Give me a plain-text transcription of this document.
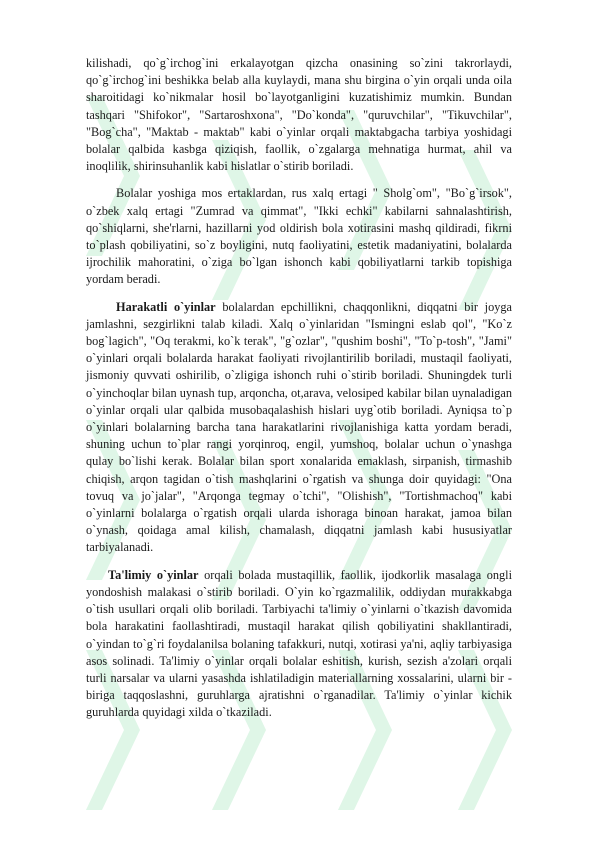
kilishadi, qo`g`irchog`ini erkalayotgan qizcha onasining so`zini takrorlaydi, qo`g`irchog`ini beshikka belab alla kuylaydi, mana shu birgina o`yin orqali unda oila sharoitidagi ko`nikmalar hosil bo`layotganligini kuzatishimiz mumkin. Bundan tashqari "Shifokor", "Sartaroshxona", "Do`konda", "quruvchilar", "Tikuvchilar", "Bog`cha", "Maktab - maktab" kabi o`yinlar orqali maktabgacha tarbiya yoshidagi bolalar qalbida kasbga qiziqish, faollik, o`zgalarga mehnatiga hurmat, ahil va inoqlilik, shirinsuhanlik kabi hislatlar o`stirib boriladi.

Bolalar yoshiga mos ertaklardan, rus xalq ertagi " Sholg`om", "Bo`g`irsok", o`zbek xalq ertagi "Zumrad va qimmat", "Ikki echki" kabilarni sahnalashtirish, qo`shiqlarni, she'rlarni, hazillarni yod oldirish bola xotirasini mashq qildiradi, fikrni to`plash qobiliyatini, so`z boyligini, nutq faoliyatini, estetik madaniyatini, bolalarda ijrochilik mahoratini, o`ziga bo`lgan ishonch kabi qobiliyatlarni tarkib topishiga yordam beradi.

Harakatli o`yinlar bolalardan epchillikni, chaqqonlikni, diqqatni bir joyga jamlashni, sezgirlikni talab kiladi. Xalq o`yinlaridan "Ismingni eslab qol", "Ko`z bog`lagich", "Oq terakmi, ko`k terak", "g`ozlar", "qushim boshi", "To`p-tosh", "Jami" o`yinlari orqali bolalarda harakat faoliyati rivojlantirilib boriladi, mustaqil faoliyati, jismoniy quvvati oshirilib, o`zligiga ishonch ruhi o`stirib boriladi. Shuningdek turli o`yinchoqlar bilan uynash tup, arqoncha, ot,arava, velosiped kabilar bilan uynaladigan o`yinlar orqali ular qalbida musobaqalashish hislari uyg`otib boriladi. Ayniqsa to`p o`yinlari bolalarning barcha tana harakatlarini rivojlanishiga katta yordam beradi, shuning uchun to`plar rangi yorqinroq, engil, yumshoq, bolalar uchun o`ynashga qulay bo`lishi kerak. Bolalar bilan sport xonalarida emaklash, sirpanish, tirmashib chiqish, arqon tagidan o`tish mashqlarini o`rgatish va shunga doir quyidagi: "Ona tovuq va jo`jalar", "Arqonga tegmay o`tchi", "Olishish", "Tortishmachoq" kabi o`yinlarni bolalarga o`rgatish orqali ularda ishoraga binoan harakat, jamoa bilan o`ynash, qoidaga amal kilish, chamalash, diqqatni jamlash kabi hususiyatlar tarbiyalanadi.

Ta'limiy o`yinlar orqali bolada mustaqillik, faollik, ijodkorlik masalaga ongli yondoshish malakasi o`stirib boriladi. O`yin ko`rgazmalilik, oddiydan murakkabga o`tish usullari orqali olib boriladi. Tarbiyachi ta'limiy o`yinlarni o`tkazish davomida bola harakatini faollashtiradi, mustaqil harakat qilish qobiliyatini shakllantiradi, o`yindan to`g`ri foydalanilsa bolaning tafakkuri, nutqi, xotirasi ya'ni, aqliy tarbiyasiga asos solinadi. Ta'limiy o`yinlar orqali bolalar eshitish, kurish, sezish a'zolari orqali turli narsalar va ularni yasashda ishlatiladigin materiallarning xossalarini, ularni bir - biriga taqqoslashni, guruhlarga ajratishni o`rganadilar. Ta'limiy o`yinlar kichik guruhlarda quyidagi xilda o`tkaziladi.
